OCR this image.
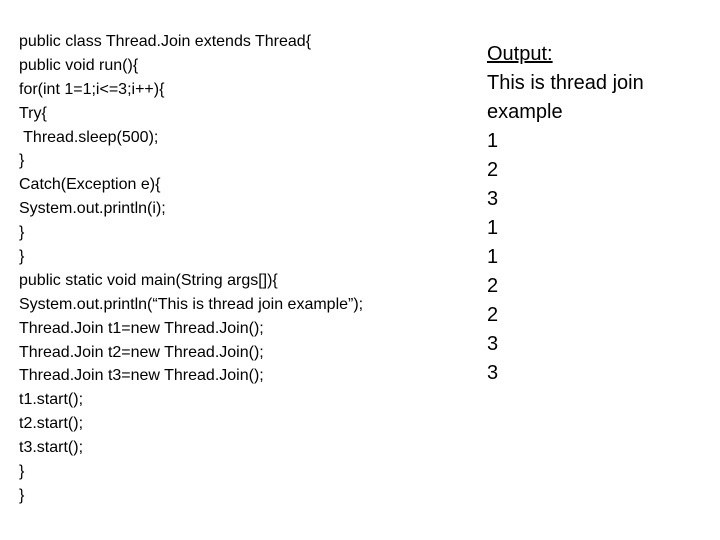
public class Thread.Join extends Thread{
public void run(){
for(int 1=1;i<=3;i++){
Try{
Thread.sleep(500);
}
Catch(Exception e){
System.out.println(i);
}
}
public static void main(String args[]){
System.out.println(“This is thread join example”);
Thread.Join t1=new Thread.Join();
Thread.Join t2=new Thread.Join();
Thread.Join t3=new Thread.Join();
t1.start();
t2.start();
t3.start();
}
}
Output:
This is thread join
example
1
2
3
1
1
2
2
3
3
